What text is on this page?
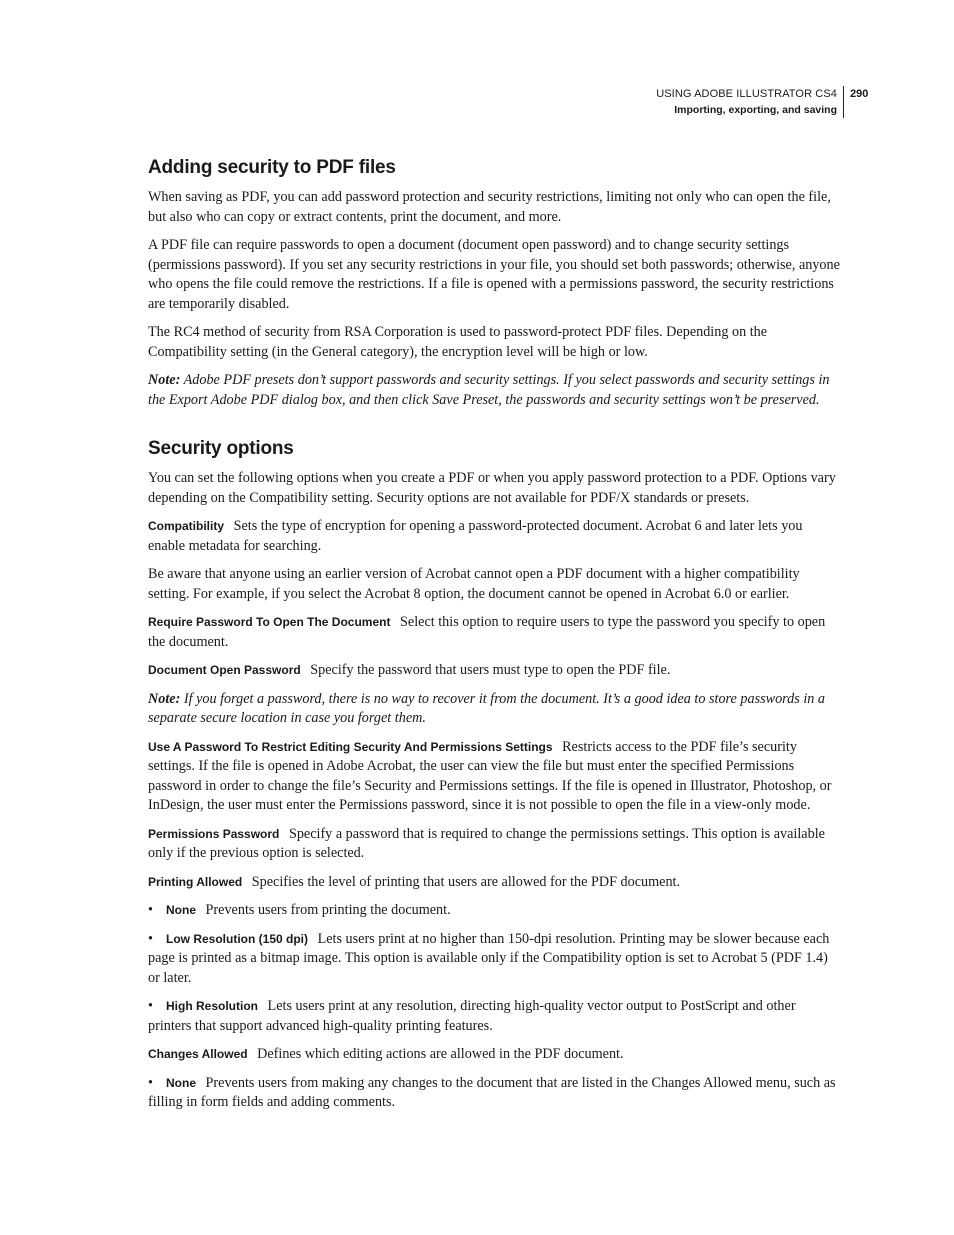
USING ADOBE ILLUSTRATOR CS4
Importing, exporting, and saving
290
Adding security to PDF files

When saving as PDF, you can add password protection and security restrictions, limiting not only who can open the file, but also who can copy or extract contents, print the document, and more.

A PDF file can require passwords to open a document (document open password) and to change security settings (permissions password). If you set any security restrictions in your file, you should set both passwords; otherwise, anyone who opens the file could remove the restrictions. If a file is opened with a permissions password, the security restrictions are temporarily disabled.

The RC4 method of security from RSA Corporation is used to password-protect PDF files. Depending on the Compatibility setting (in the General category), the encryption level will be high or low.

Note: Adobe PDF presets don’t support passwords and security settings. If you select passwords and security settings in the Export Adobe PDF dialog box, and then click Save Preset, the passwords and security settings won’t be preserved.

Security options

You can set the following options when you create a PDF or when you apply password protection to a PDF. Options vary depending on the Compatibility setting. Security options are not available for PDF/X standards or presets.

Compatibility Sets the type of encryption for opening a password-protected document. Acrobat 6 and later lets you enable metadata for searching.

Be aware that anyone using an earlier version of Acrobat cannot open a PDF document with a higher compatibility setting. For example, if you select the Acrobat 8 option, the document cannot be opened in Acrobat 6.0 or earlier.

Require Password To Open The Document Select this option to require users to type the password you specify to open the document.

Document Open Password Specify the password that users must type to open the PDF file.

Note: If you forget a password, there is no way to recover it from the document. It’s a good idea to store passwords in a separate secure location in case you forget them.

Use A Password To Restrict Editing Security And Permissions Settings Restricts access to the PDF file’s security settings. If the file is opened in Adobe Acrobat, the user can view the file but must enter the specified Permissions password in order to change the file’s Security and Permissions settings. If the file is opened in Illustrator, Photoshop, or InDesign, the user must enter the Permissions password, since it is not possible to open the file in a view-only mode.

Permissions Password Specify a password that is required to change the permissions settings. This option is available only if the previous option is selected.

Printing Allowed Specifies the level of printing that users are allowed for the PDF document.

• None Prevents users from printing the document.

• Low Resolution (150 dpi) Lets users print at no higher than 150-dpi resolution. Printing may be slower because each page is printed as a bitmap image. This option is available only if the Compatibility option is set to Acrobat 5 (PDF 1.4) or later.

• High Resolution Lets users print at any resolution, directing high-quality vector output to PostScript and other printers that support advanced high-quality printing features.

Changes Allowed Defines which editing actions are allowed in the PDF document.

• None Prevents users from making any changes to the document that are listed in the Changes Allowed menu, such as filling in form fields and adding comments.
